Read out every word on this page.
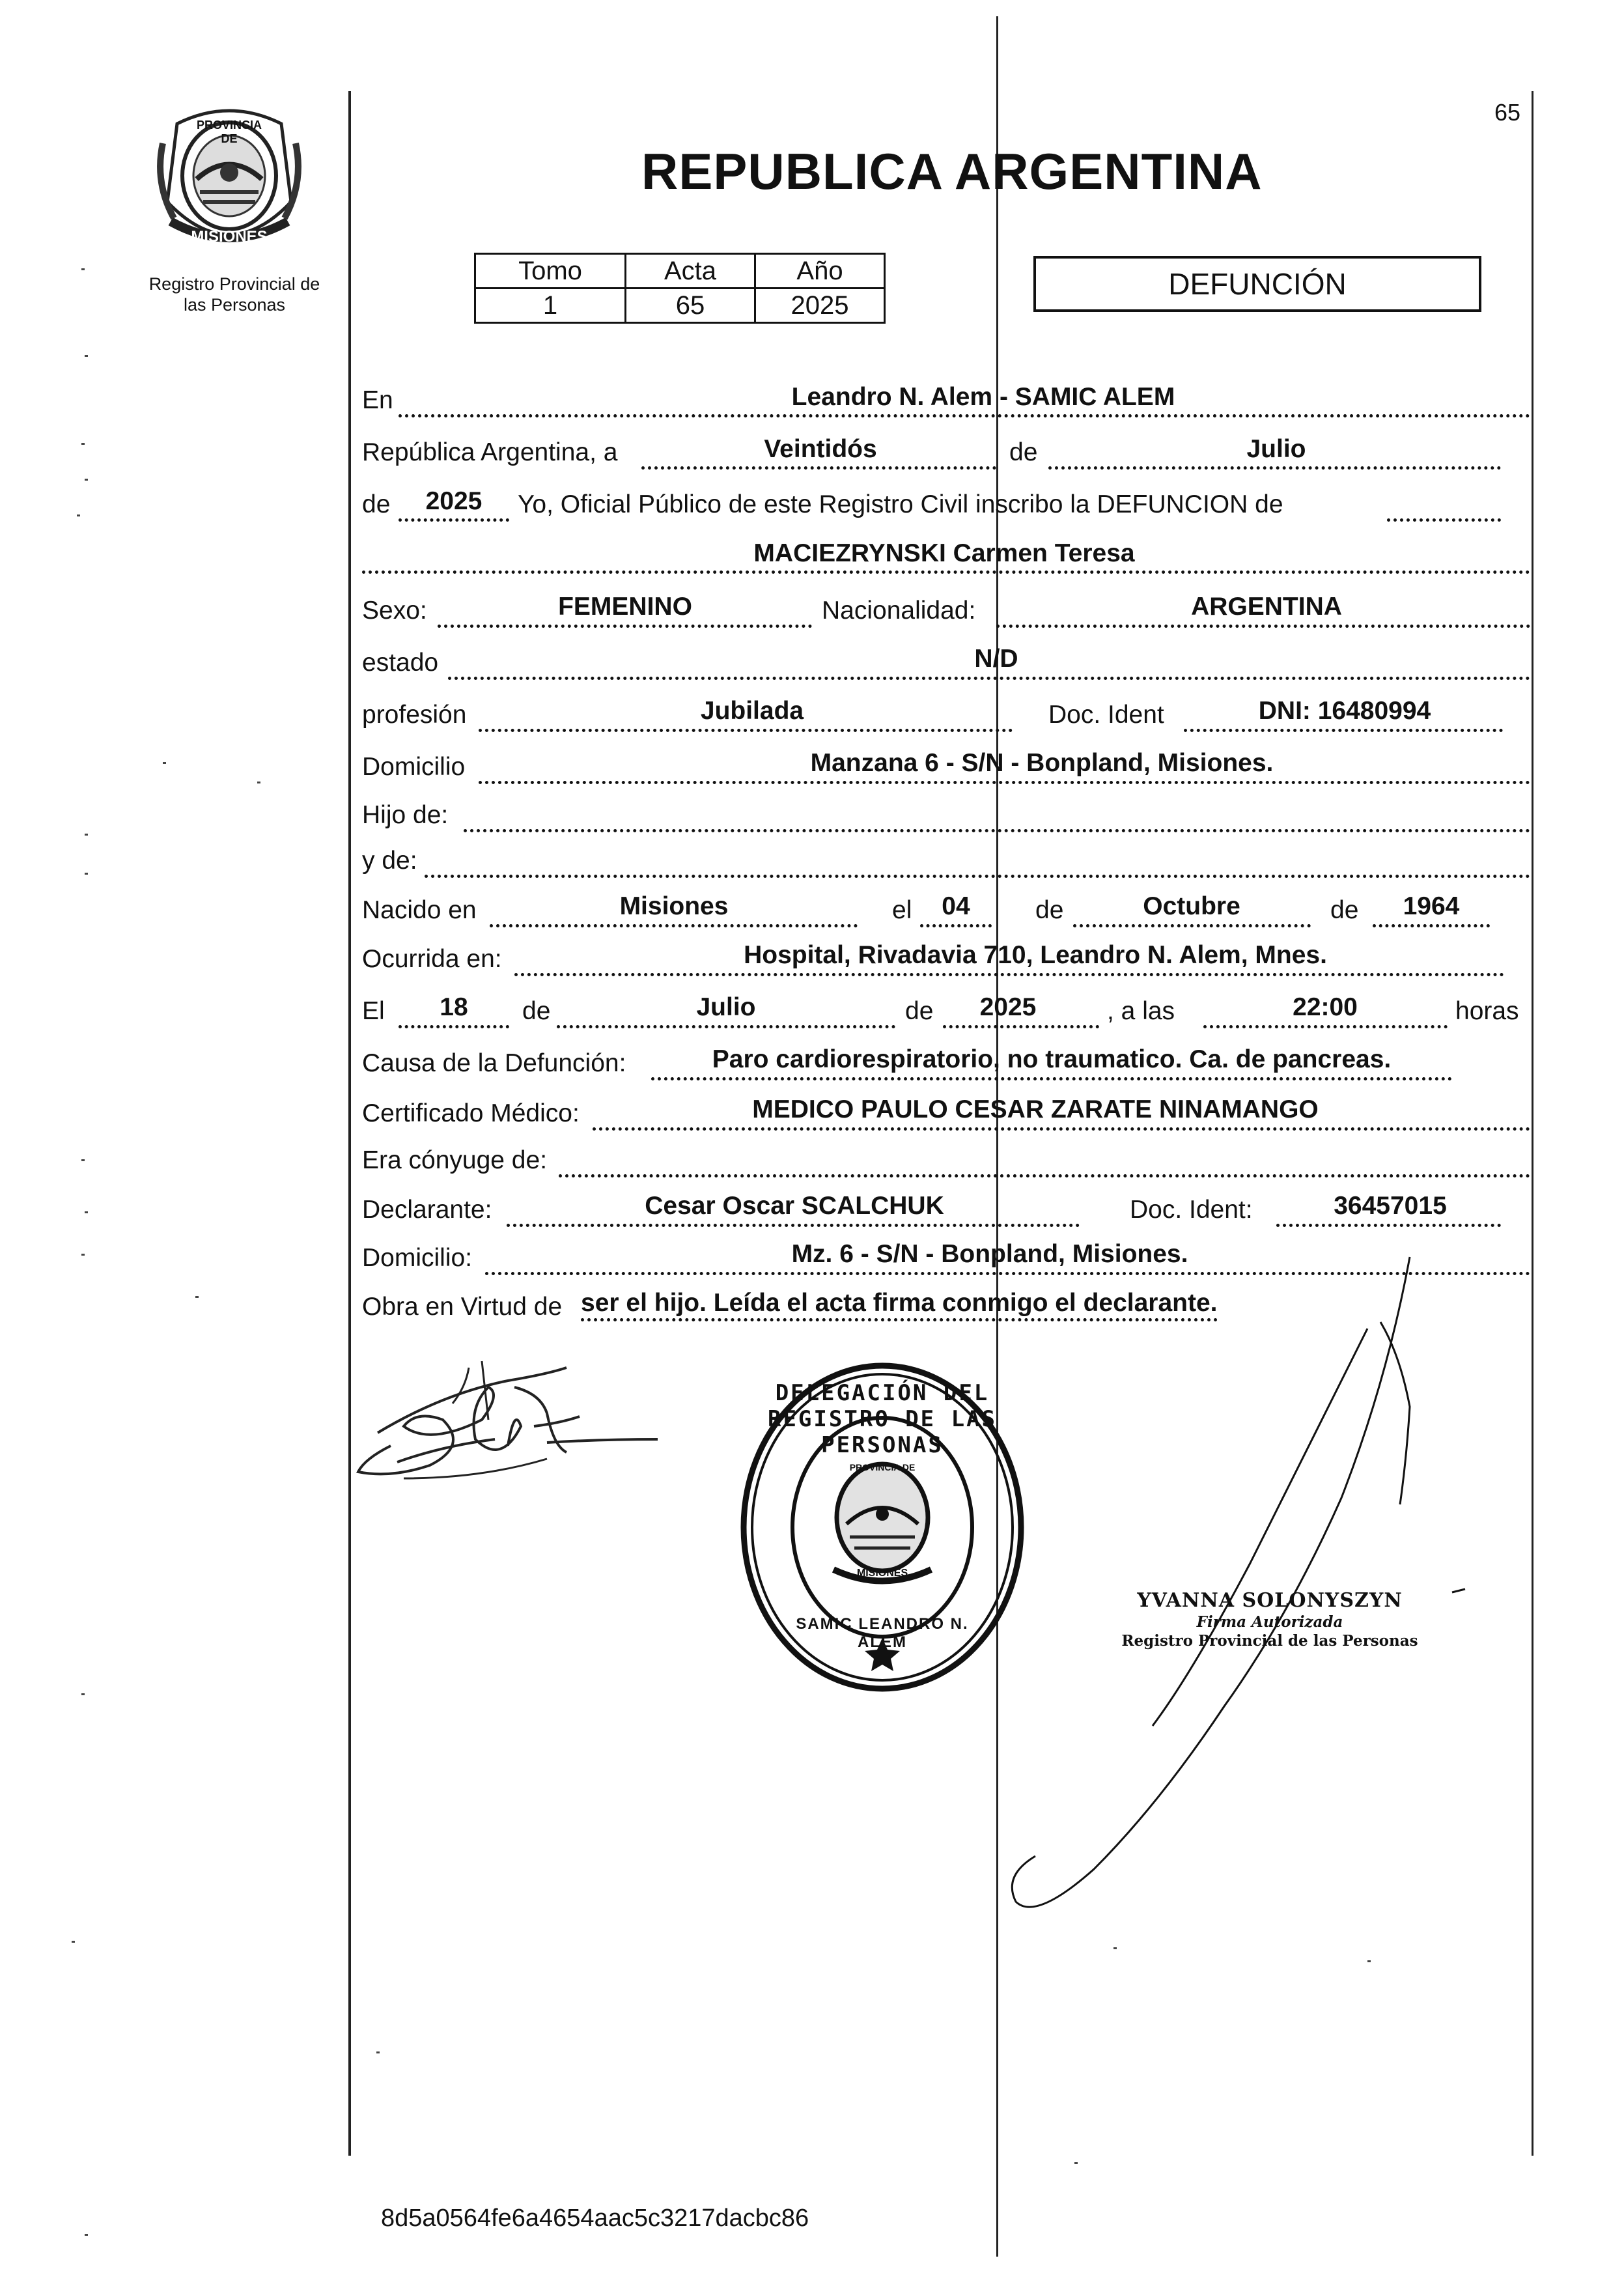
PROVINCIA DE
MISIONES
Registro Provincial de
las Personas
65
REPUBLICA ARGENTINA
Tomo	Acta	Año
1	65	2025
DEFUNCIÓN
En	Leandro N. Alem - SAMIC ALEM
República Argentina, a	Veintidós	de	Julio
de	2025	Yo, Oficial Público de este Registro Civil inscribo la DEFUNCION de
MACIEZRYNSKI Carmen Teresa
Sexo:	FEMENINO	Nacionalidad:	ARGENTINA
estado	N/D
profesión	Jubilada	Doc. Ident	DNI: 16480994
Domicilio	Manzana 6 - S/N - Bonpland, Misiones.
Hijo de:
y de:
Nacido en	Misiones	el	04	de	Octubre	de	1964
Ocurrida en:	Hospital, Rivadavia 710, Leandro N. Alem, Mnes.
El	18	de	Julio	de	2025	, a las	22:00	horas
Causa de la Defunción:	Paro cardiorespiratorio, no traumatico. Ca. de pancreas.
Certificado Médico:	MEDICO PAULO CESAR ZARATE NINAMANGO
Era cónyuge de:
Declarante:	Cesar Oscar SCALCHUK	Doc. Ident:	36457015
Domicilio:	Mz. 6 - S/N - Bonpland, Misiones.
Obra en Virtud de ser el hijo. Leída el acta firma conmigo el declarante.
DELEGACIÓN DEL REGISTRO DE LAS PERSONAS
SAMIC LEANDRO N. ALEM
PROVINCIA DE
MISIONES
YVANNA SOLONYSZYN
Firma Autorizada
Registro Provincial de las Personas
8d5a0564fe6a4654aac5c3217dacbc86
